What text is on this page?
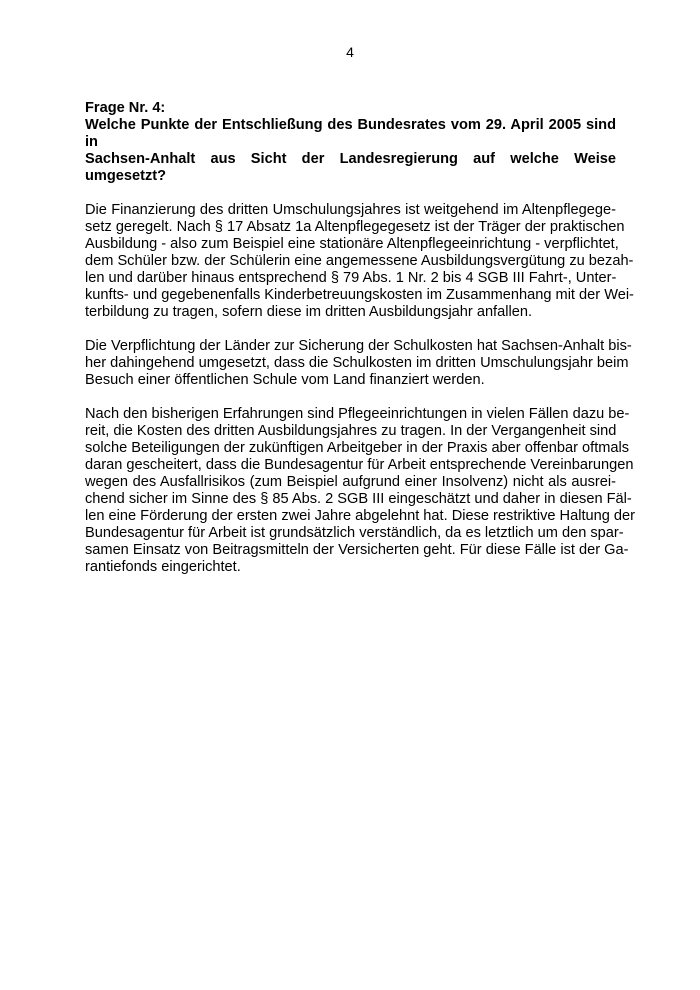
4
Frage Nr. 4:
Welche Punkte der Entschließung des Bundesrates vom 29. April 2005 sind in
Sachsen-Anhalt aus Sicht der Landesregierung auf welche Weise umgesetzt?
Die Finanzierung des dritten Umschulungsjahres ist weitgehend im Altenpflegege-
setz geregelt. Nach § 17 Absatz 1a Altenpflegegesetz ist der Träger der praktischen
Ausbildung - also zum Beispiel eine stationäre Altenpflegeeinrichtung - verpflichtet,
dem Schüler bzw. der Schülerin eine angemessene Ausbildungsvergütung zu bezah-
len und darüber hinaus entsprechend § 79 Abs. 1 Nr. 2 bis 4 SGB III Fahrt-, Unter-
kunfts- und gegebenenfalls Kinderbetreuungskosten im Zusammenhang mit der Wei-
terbildung zu tragen, sofern diese im dritten Ausbildungsjahr anfallen.
Die Verpflichtung der Länder zur Sicherung der Schulkosten hat Sachsen-Anhalt bis-
her dahingehend umgesetzt, dass die Schulkosten im dritten Umschulungsjahr beim
Besuch einer öffentlichen Schule vom Land finanziert werden.
Nach den bisherigen Erfahrungen sind Pflegeeinrichtungen in vielen Fällen dazu be-
reit, die Kosten des dritten Ausbildungsjahres zu tragen. In der Vergangenheit sind
solche Beteiligungen der zukünftigen Arbeitgeber in der Praxis aber offenbar oftmals
daran gescheitert, dass die Bundesagentur für Arbeit entsprechende Vereinbarungen
wegen des Ausfallrisikos (zum Beispiel aufgrund einer Insolvenz) nicht als ausrei-
chend sicher im Sinne des § 85 Abs. 2 SGB III eingeschätzt und daher in diesen Fäl-
len eine Förderung der ersten zwei Jahre abgelehnt hat. Diese restriktive Haltung der
Bundesagentur für Arbeit ist grundsätzlich verständlich, da es letztlich um den spar-
samen Einsatz von Beitragsmitteln der Versicherten geht. Für diese Fälle ist der Ga-
rantiefonds eingerichtet.
